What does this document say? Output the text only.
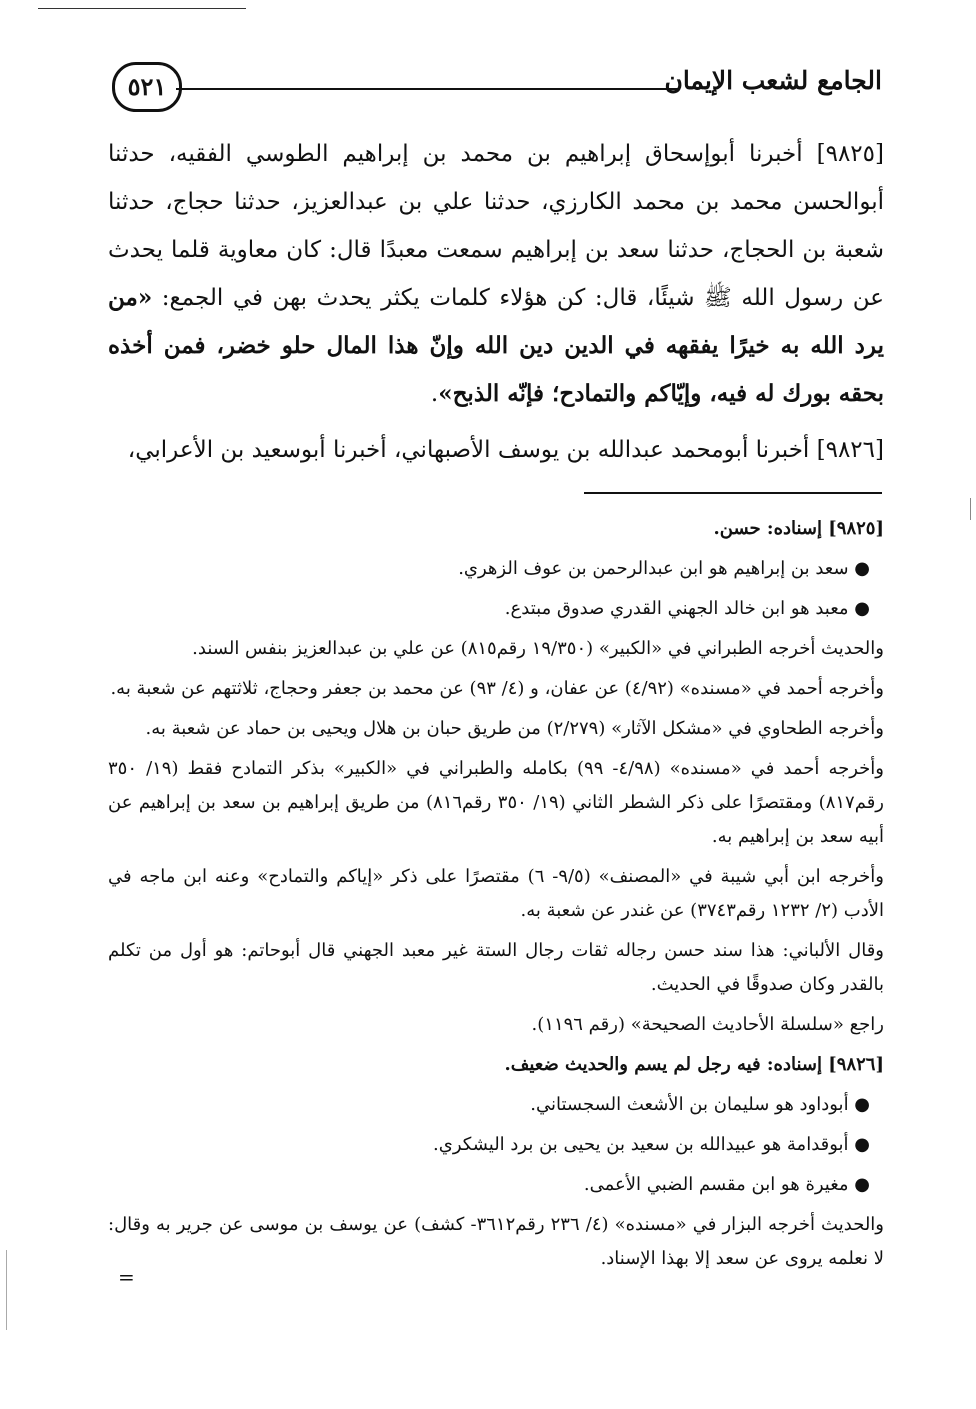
٥٢١	الجامع لشعب الإيمان

[٩٨٢٥] أخبرنا أبوإسحاق إبراهيم بن محمد بن إبراهيم الطوسي الفقيه، حدثنا أبوالحسن محمد بن محمد الكارزي، حدثنا علي بن عبدالعزيز، حدثنا حجاج، حدثنا شعبة بن الحجاج، حدثنا سعد بن إبراهيم سمعت معبدًا قال: كان معاوية قلما يحدث عن رسول الله ﷺ شيئًا، قال: كن هؤلاء كلمات يكثر يحدث بهن في الجمع: «من يرد الله به خيرًا يفقهه في الدين دين الله وإنّ هذا المال حلو خضر، فمن أخذه بحقه بورك له فيه، وإيّاكم والتمادح؛ فإنّه الذبح».

[٩٨٢٦] أخبرنا أبومحمد عبدالله بن يوسف الأصبهاني، أخبرنا أبوسعيد بن الأعرابي،

[٩٨٢٥] إسناده: حسن.

● سعد بن إبراهيم هو ابن عبدالرحمن بن عوف الزهري.

● معبد هو ابن خالد الجهني القدري صدوق مبتدع.

والحديث أخرجه الطبراني في «الكبير» (١٩/٣٥٠ رقم٨١٥) عن علي بن عبدالعزيز بنفس السند.

وأخرجه أحمد في «مسنده» (٤/٩٢) عن عفان، و (٤/ ٩٣) عن محمد بن جعفر وحجاج، ثلاثتهم عن شعبة به.

وأخرجه الطحاوي في «مشكل الآثار» (٢/٢٧٩) من طريق حبان بن هلال ويحيى بن حماد عن شعبة به.

وأخرجه أحمد في «مسنده» (٤/٩٨- ٩٩) بكامله والطبراني في «الكبير» بذكر التمادح فقط (١٩/ ٣٥٠ رقم٨١٧) ومقتصرًا على ذكر الشطر الثاني (١٩/ ٣٥٠ رقم٨١٦) من طريق إبراهيم بن سعد بن إبراهيم عن أبيه سعد بن إبراهيم به.

وأخرجه ابن أبي شيبة في «المصنف» (٩/٥- ٦) مقتصرًا على ذكر «إياكم والتمادح» وعنه ابن ماجه في الأدب (٢/ ١٢٣٢ رقم٣٧٤٣) عن غندر عن شعبة به.

وقال الألباني: هذا سند حسن رجاله ثقات رجال الستة غير معبد الجهني قال أبوحاتم: هو أول من تكلم بالقدر وكان صدوقًا في الحديث.

راجع «سلسلة الأحاديث الصحيحة» (رقم ١١٩٦).

[٩٨٢٦] إسناده: فيه رجل لم يسم والحديث ضعيف.

● أبوداود هو سليمان بن الأشعث السجستاني.

● أبوقدامة هو عبيدالله بن سعيد بن يحيى بن برد اليشكري.

● مغيرة هو ابن مقسم الضبي الأعمى.

والحديث أخرجه البزار في «مسنده» (٤/ ٢٣٦ رقم٣٦١٢- كشف) عن يوسف بن موسى عن جرير به وقال: لا نعلمه يروى عن سعد إلا بهذا الإسناد.

=
